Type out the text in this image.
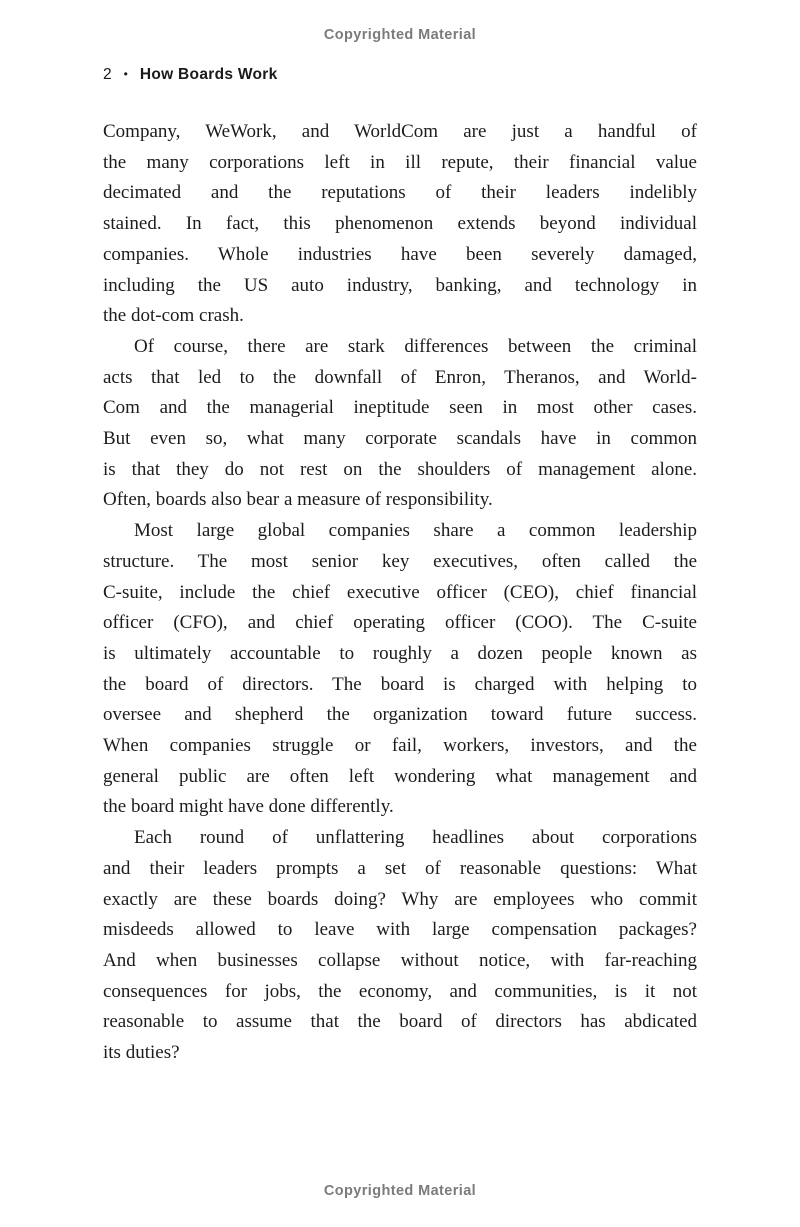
Copyrighted Material
2 • How Boards Work
Company, WeWork, and WorldCom are just a handful of
the many corporations left in ill repute, their financial value
decimated and the reputations of their leaders indelibly
stained. In fact, this phenomenon extends beyond individual
companies. Whole industries have been severely damaged,
including the US auto industry, banking, and technology in
the dot-com crash.
Of course, there are stark differences between the criminal
acts that led to the downfall of Enron, Theranos, and World-
Com and the managerial ineptitude seen in most other cases.
But even so, what many corporate scandals have in common
is that they do not rest on the shoulders of management alone.
Often, boards also bear a measure of responsibility.
Most large global companies share a common leadership
structure. The most senior key executives, often called the
C-suite, include the chief executive officer (CEO), chief financial
officer (CFO), and chief operating officer (COO). The C-suite
is ultimately accountable to roughly a dozen people known as
the board of directors. The board is charged with helping to
oversee and shepherd the organization toward future success.
When companies struggle or fail, workers, investors, and the
general public are often left wondering what management and
the board might have done differently.
Each round of unflattering headlines about corporations
and their leaders prompts a set of reasonable questions: What
exactly are these boards doing? Why are employees who commit
misdeeds allowed to leave with large compensation packages?
And when businesses collapse without notice, with far-reaching
consequences for jobs, the economy, and communities, is it not
reasonable to assume that the board of directors has abdicated
its duties?
Copyrighted Material
